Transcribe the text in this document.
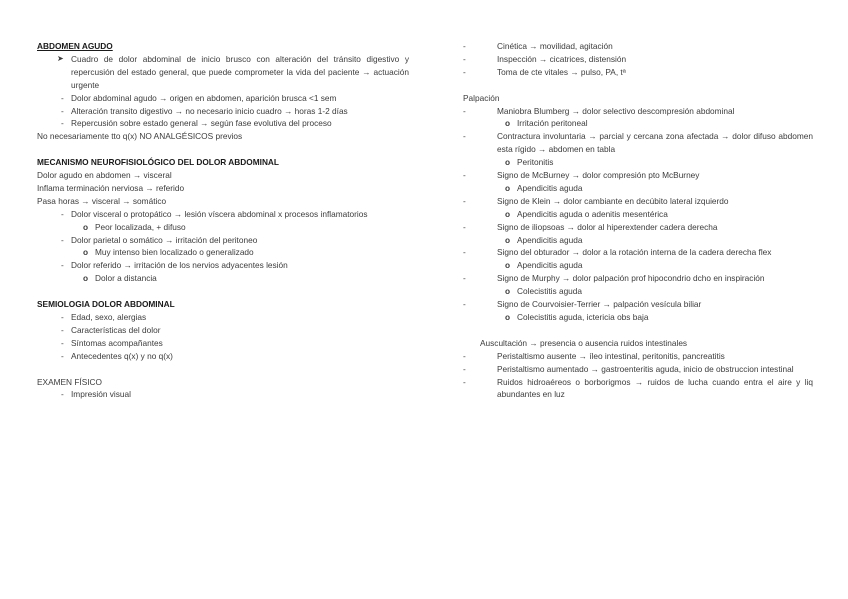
ABDOMEN AGUDO

➤ Cuadro de dolor abdominal de inicio brusco con alteración del tránsito digestivo y repercusión del estado general, que puede comprometer la vida del paciente → actuación urgente
- Dolor abdominal agudo → origen en abdomen, aparición brusca <1 sem
- Alteración transito digestivo → no necesario inicio cuadro → horas 1-2 días
- Repercusión sobre estado general → según fase evolutiva del proceso

No necesariamente tto q(x) NO ANALGÉSICOS previos

MECANISMO NEUROFISIOLÓGICO DEL DOLOR ABDOMINAL

Dolor agudo en abdomen → visceral

Inflama terminación nerviosa → referido

Pasa horas → visceral → somático

- Dolor visceral o protopático → lesión víscera abdominal x procesos inflamatorios
o Peor localizada, + difuso
- Dolor parietal o somático → irritación del peritoneo
o Muy intenso bien localizado o generalizado
- Dolor referido → irritación de los nervios adyacentes lesión
o Dolor a distancia

SEMIOLOGIA DOLOR ABDOMINAL

- Edad, sexo, alergias
- Características del dolor
- Síntomas acompañantes
- Antecedentes q(x) y no q(x)

EXAMEN FÍSICO

- Impresión visual
-	Cinética → movilidad, agitación
-	Inspección → cicatrices, distensión
-	Toma de cte vitales → pulso, PA, tª

Palpación

-	Maniobra Blumberg → dolor selectivo descompresión abdominal
o Irritación peritoneal
-	Contractura involuntaria → parcial y cercana zona afectada → dolor difuso abdomen esta rígido → abdomen en tabla
o Peritonitis
-	Signo de McBurney → dolor compresión pto McBurney
o Apendicitis aguda
-	Signo de Klein → dolor cambiante en decúbito lateral izquierdo
o Apendicitis aguda o adenitis mesentérica
-	Signo de iliopsoas → dolor al hiperextender cadera derecha
o Apendicitis aguda
-	Signo del obturador → dolor a la rotación interna de la cadera derecha flex
o Apendicitis aguda
-	Signo de Murphy → dolor palpación prof hipocondrio dcho en inspiración
o Colecistitis aguda
-	Signo de Courvoisier-Terrier → palpación vesícula biliar
o Colecistitis aguda, ictericia obs baja

Auscultación → presencia o ausencia ruidos intestinales

-	Peristaltismo ausente → íleo intestinal, peritonitis, pancreatitis
-	Peristaltismo aumentado → gastroenteritis aguda, inicio de obstruccion intestinal
-	Ruidos hidroaéreos o borborigmos → ruidos de lucha cuando entra el aire y liq abundantes en luz
